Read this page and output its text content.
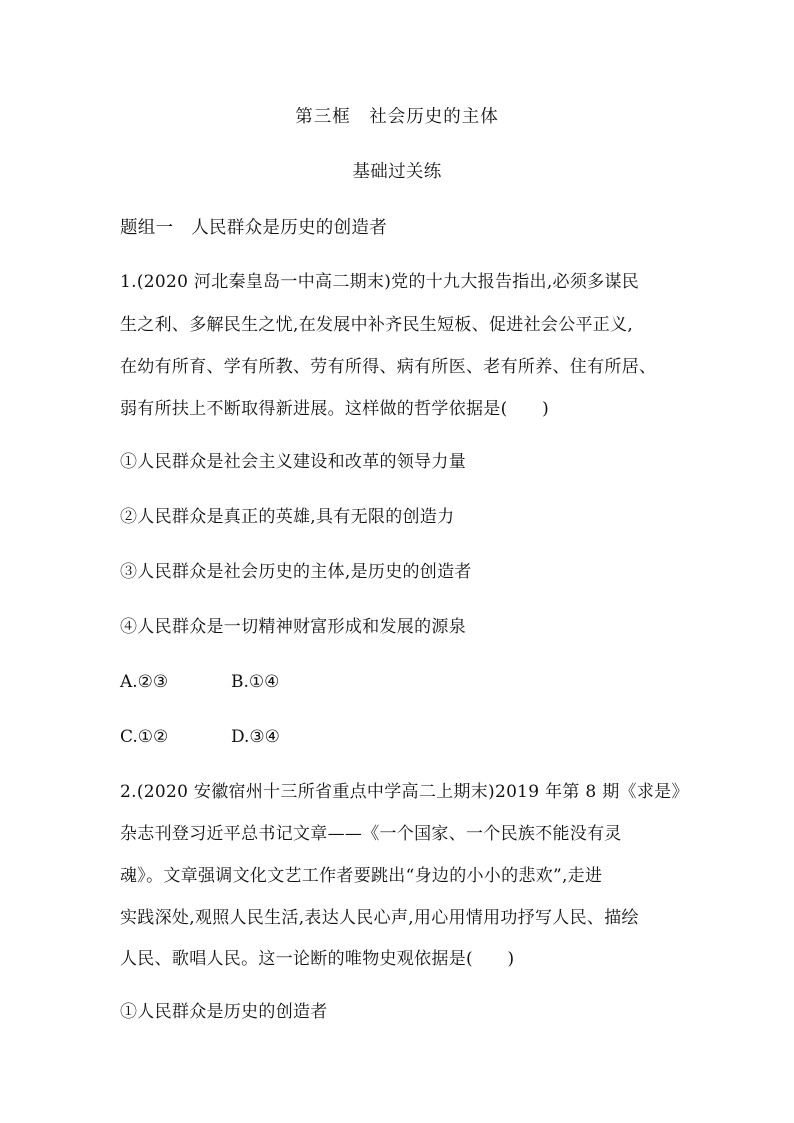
第三框　社会历史的主体

基础过关练

题组一　人民群众是历史的创造者

1.(2020 河北秦皇岛一中高二期末)党的十九大报告指出,必须多谋民

生之利、多解民生之忧,在发展中补齐民生短板、促进社会公平正义,

在幼有所育、学有所教、劳有所得、病有所医、老有所养、住有所居、

弱有所扶上不断取得新进展。这样做的哲学依据是(　　)

①人民群众是社会主义建设和改革的领导力量

②人民群众是真正的英雄,具有无限的创造力

③人民群众是社会历史的主体,是历史的创造者

④人民群众是一切精神财富形成和发展的源泉

A.②③	B.①④
C.①②	D.③④

2.(2020 安徽宿州十三所省重点中学高二上期末)2019 年第 8 期《求是》

杂志刊登习近平总书记文章——《一个国家、一个民族不能没有灵

魂》。文章强调文化文艺工作者要跳出“身边的小小的悲欢”,走进

实践深处,观照人民生活,表达人民心声,用心用情用功抒写人民、描绘

人民、歌唱人民。这一论断的唯物史观依据是(　　)

①人民群众是历史的创造者
